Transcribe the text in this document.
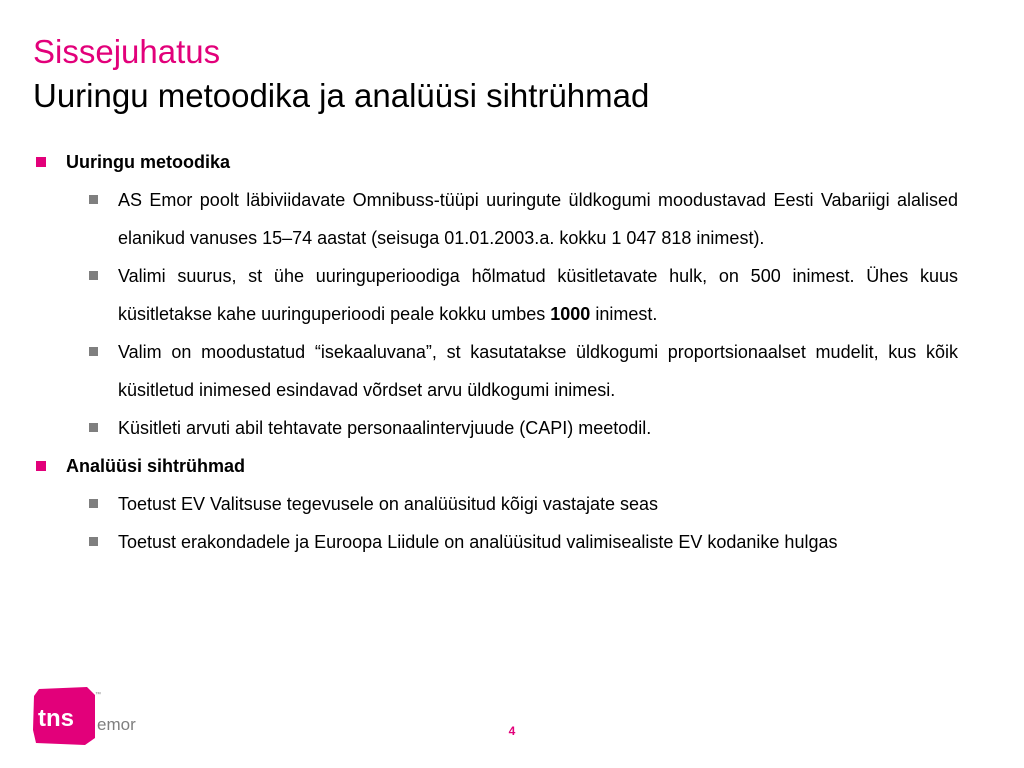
Sissejuhatus
Uuringu metoodika ja analüüsi sihtrühmad
Uuringu metoodika
AS Emor poolt läbiviidavate Omnibuss-tüüpi uuringute üldkogumi moodustavad Eesti Vabariigi alalised elanikud vanuses 15–74 aastat (seisuga 01.01.2003.a. kokku 1 047 818 inimest).
Valimi suurus, st ühe uuringuperioodiga hõlmatud küsitletavate hulk, on 500 inimest. Ühes kuus küsitletakse kahe uuringuperioodi peale kokku umbes 1000 inimest.
Valim on moodustatud “isekaaluvana”, st kasutatakse üldkogumi proportsionaalset mudelit, kus kõik küsitletud inimesed esindavad võrdset arvu üldkogumi inimesi.
Küsitleti arvuti abil tehtavate personaalintervjuude (CAPI) meetodil.
Analüüsi sihtrühmad
Toetust EV Valitsuse tegevusele on analüüsitud kõigi vastajate seas
Toetust erakondadele ja Euroopa Liidule on analüüsitud valimisealiste EV kodanike hulgas
tns
™
emor	4
